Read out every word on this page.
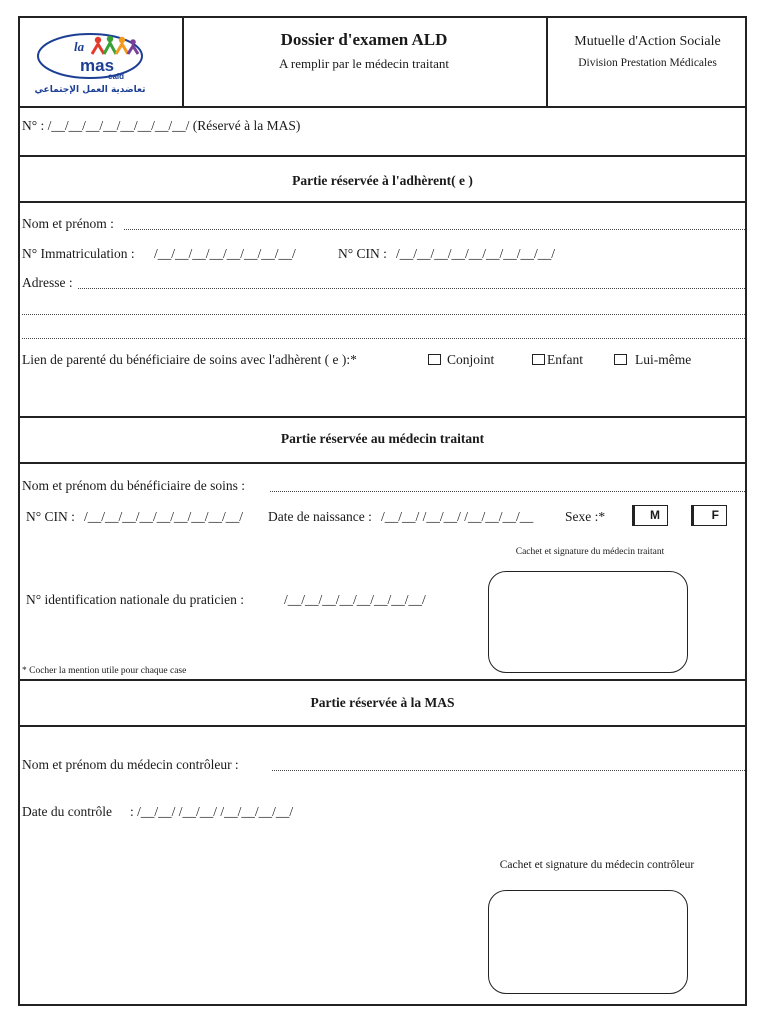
la
mas
caid
تعاضدية العمل الإجتماعي
Dossier d'examen ALD
A remplir par le médecin traitant
Mutuelle d'Action Sociale
Division Prestation Médicales
N° : /__/__/__/__/__/__/__/__/ (Réservé à la MAS)
Partie réservée à l'adhèrent( e )
Nom et prénom :
N° Immatriculation : /__/__/__/__/__/__/__/__/	N° CIN : /__/__/__/__/__/__/__/__/__/
Adresse :
Lien de parenté du bénéficiaire de soins avec l'adhèrent ( e ):*	Conjoint	Enfant	Lui-même
Partie réservée au médecin traitant
Nom et prénom du bénéficiaire de soins :
N° CIN : /__/__/__/__/__/__/__/__/__/ Date de naissance : /__/__/ /__/__/ /__/__/__/__ Sexe :*	M	F
Cachet et signature du médecin traitant
N° identification nationale du praticien :	/__/__/__/__/__/__/__/__/
* Cocher la mention utile pour chaque case
Partie réservée à la MAS
Nom et prénom du médecin contrôleur :
Date du contrôle : /__/__/ /__/__/ /__/__/__/__/
Cachet et signature du médecin contrôleur
